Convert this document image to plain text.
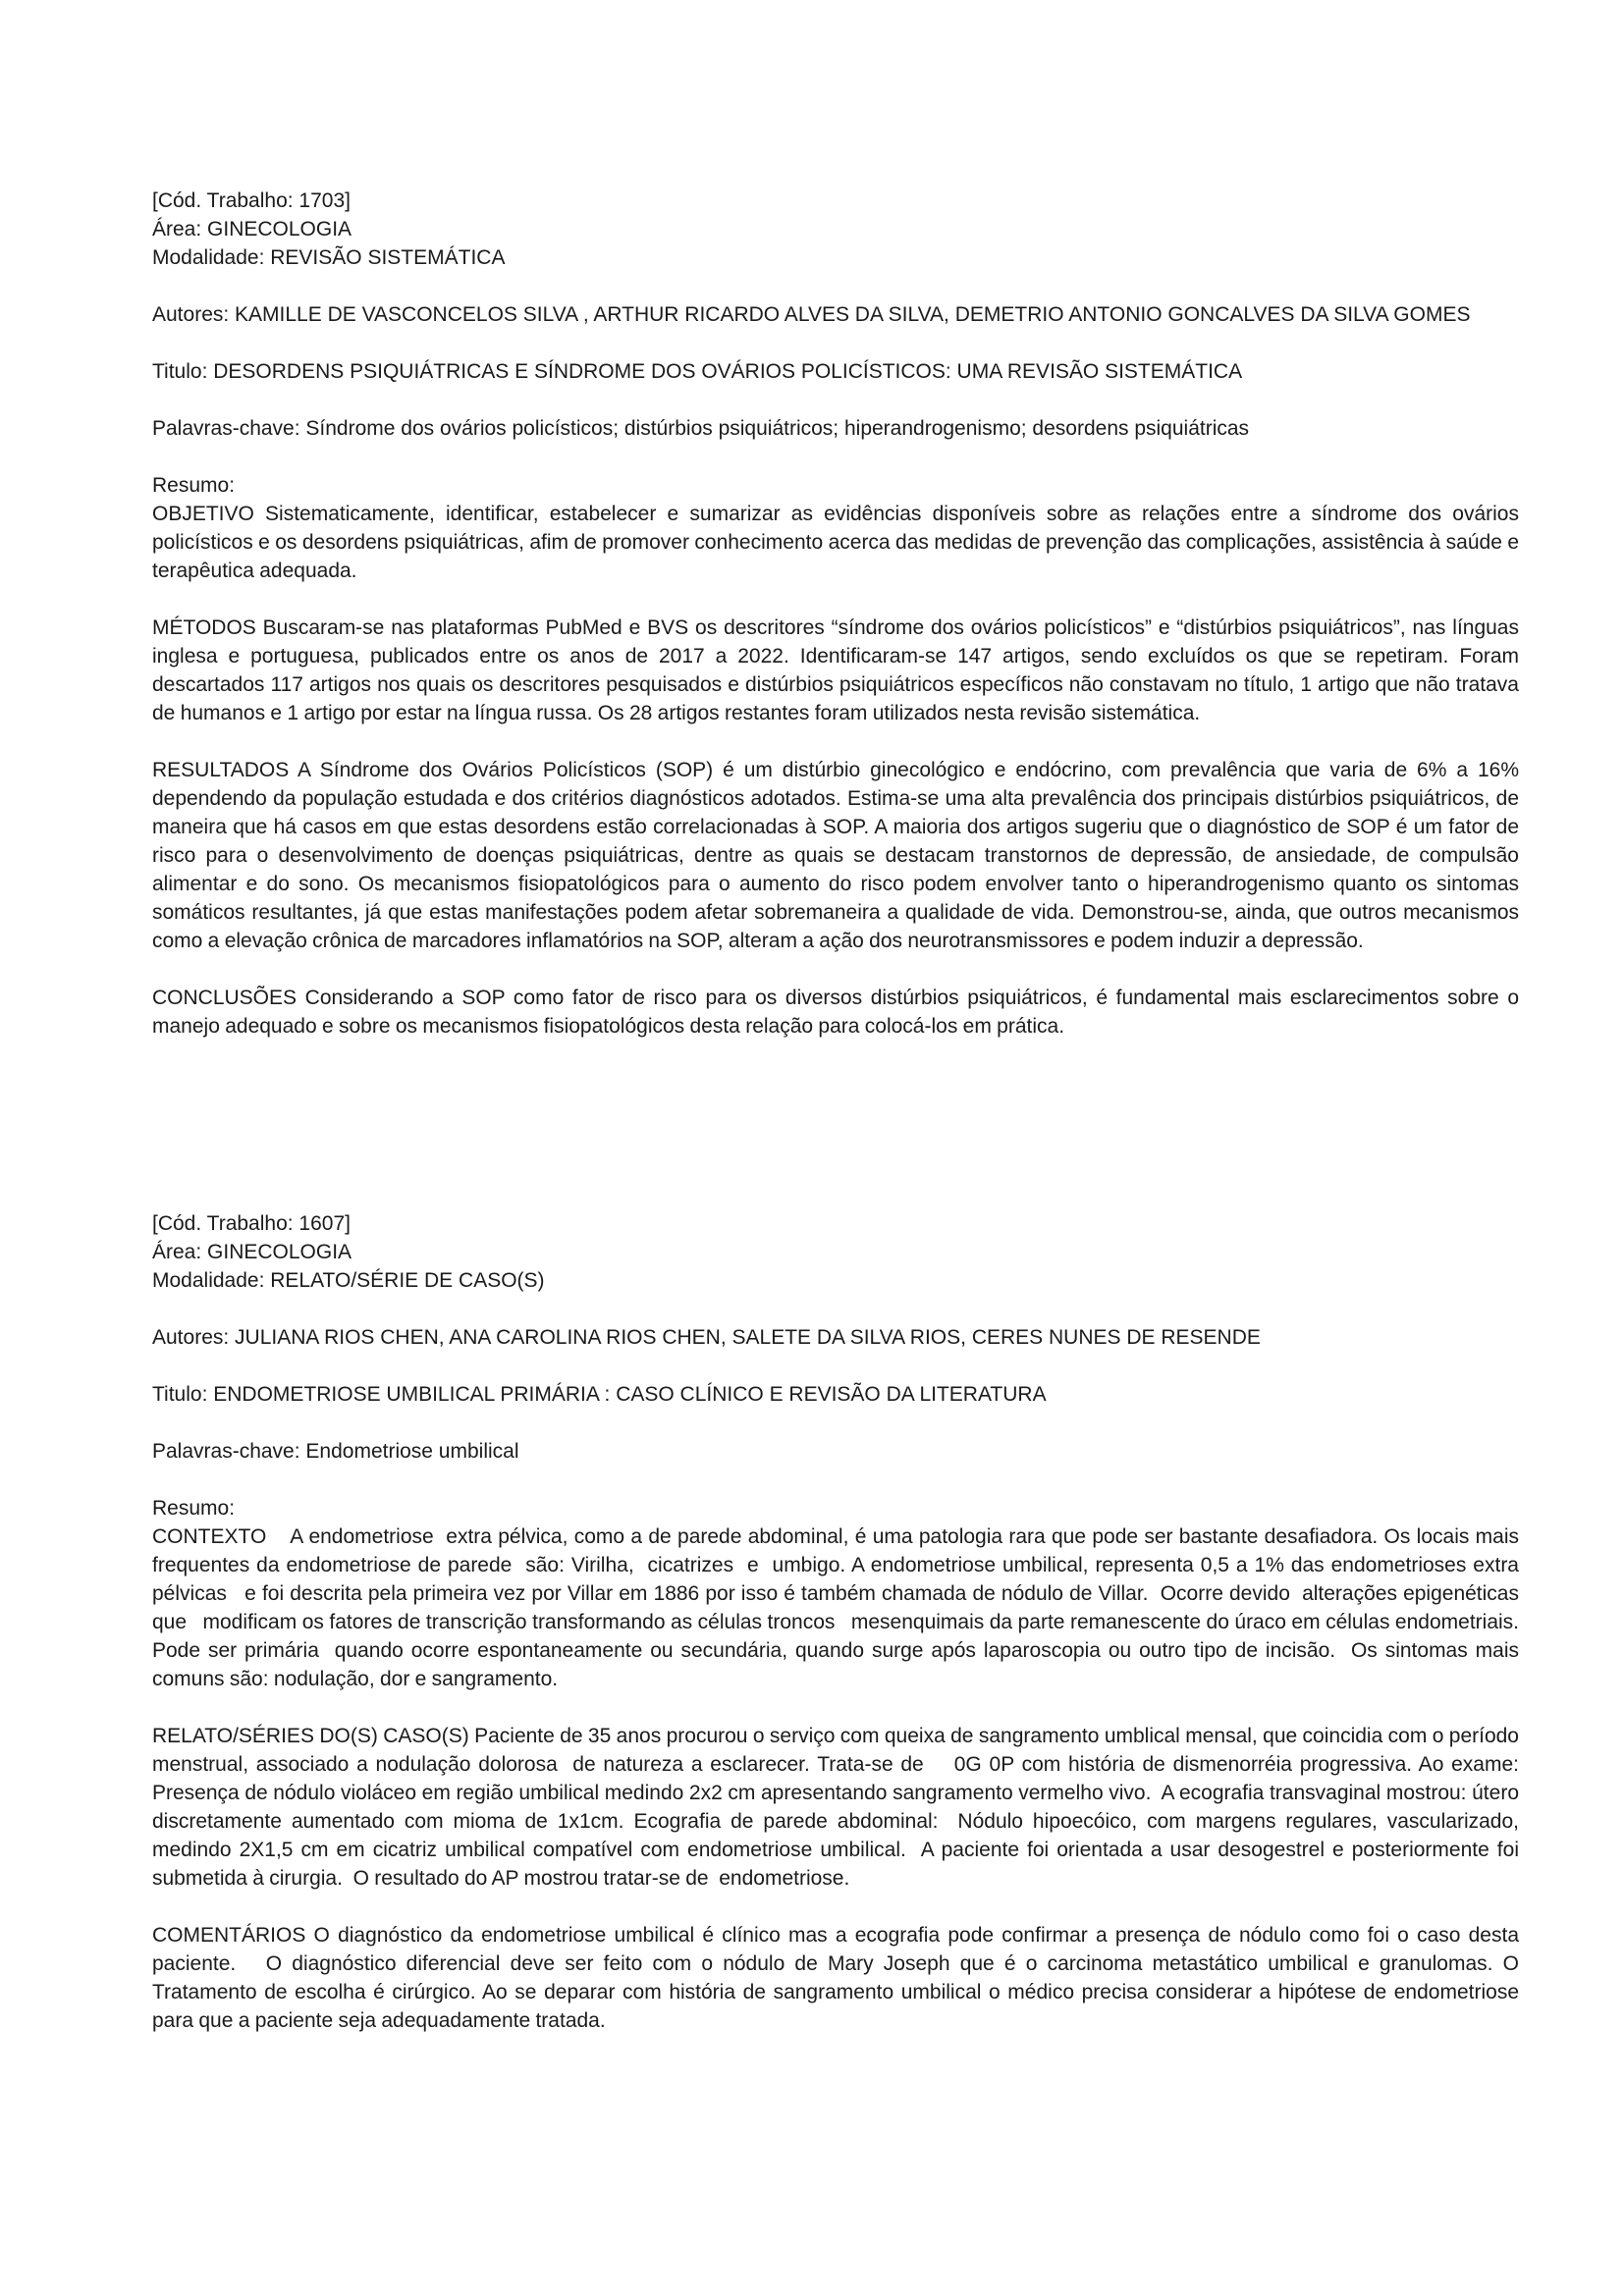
[Cód. Trabalho: 1703]

Área: GINECOLOGIA

Modalidade: REVISÃO SISTEMÁTICA

Autores: KAMILLE DE VASCONCELOS SILVA , ARTHUR RICARDO ALVES DA SILVA, DEMETRIO ANTONIO GONCALVES DA SILVA GOMES

Titulo: DESORDENS PSIQUIÁTRICAS E SÍNDROME DOS OVÁRIOS POLICÍSTICOS: UMA REVISÃO SISTEMÁTICA

Palavras-chave: Síndrome dos ovários policísticos; distúrbios psiquiátricos; hiperandrogenismo; desordens psiquiátricas

Resumo:

OBJETIVO Sistematicamente, identificar, estabelecer e sumarizar as evidências disponíveis sobre as relações entre a síndrome dos ovários policísticos e os desordens psiquiátricas, afim de promover conhecimento acerca das medidas de prevenção das complicações, assistência à saúde e terapêutica adequada.

MÉTODOS Buscaram-se nas plataformas PubMed e BVS os descritores “síndrome dos ovários policísticos” e “distúrbios psiquiátricos”, nas línguas inglesa e portuguesa, publicados entre os anos de 2017 a 2022. Identificaram-se 147 artigos, sendo excluídos os que se repetiram. Foram descartados 117 artigos nos quais os descritores pesquisados e distúrbios psiquiátricos específicos não constavam no título, 1 artigo que não tratava de humanos e 1 artigo por estar na língua russa. Os 28 artigos restantes foram utilizados nesta revisão sistemática.

RESULTADOS A Síndrome dos Ovários Policísticos (SOP) é um distúrbio ginecológico e endócrino, com prevalência que varia de 6% a 16% dependendo da população estudada e dos critérios diagnósticos adotados. Estima-se uma alta prevalência dos principais distúrbios psiquiátricos, de maneira que há casos em que estas desordens estão correlacionadas à SOP. A maioria dos artigos sugeriu que o diagnóstico de SOP é um fator de risco para o desenvolvimento de doenças psiquiátricas, dentre as quais se destacam transtornos de depressão, de ansiedade, de compulsão alimentar e do sono. Os mecanismos fisiopatológicos para o aumento do risco podem envolver tanto o hiperandrogenismo quanto os sintomas somáticos resultantes, já que estas manifestações podem afetar sobremaneira a qualidade de vida. Demonstrou-se, ainda, que outros mecanismos como a elevação crônica de marcadores inflamatórios na SOP, alteram a ação dos neurotransmissores e podem induzir a depressão.

CONCLUSÕES Considerando a SOP como fator de risco para os diversos distúrbios psiquiátricos, é fundamental mais esclarecimentos sobre o manejo adequado e sobre os mecanismos fisiopatológicos desta relação para colocá-los em prática.

[Cód. Trabalho: 1607]

Área: GINECOLOGIA

Modalidade: RELATO/SÉRIE DE CASO(S)

Autores: JULIANA RIOS CHEN, ANA CAROLINA RIOS CHEN, SALETE DA SILVA RIOS, CERES NUNES DE RESENDE

Titulo: ENDOMETRIOSE UMBILICAL PRIMÁRIA : CASO CLÍNICO E REVISÃO DA LITERATURA

Palavras-chave: Endometriose umbilical

Resumo:

CONTEXTO    A endometriose  extra pélvica, como a de parede abdominal, é uma patologia rara que pode ser bastante desafiadora. Os locais mais frequentes da endometriose de parede  são: Virilha,  cicatrizes  e  umbigo. A endometriose umbilical, representa 0,5 a 1% das endometrioses extra pélvicas   e foi descrita pela primeira vez por Villar em 1886 por isso é também chamada de nódulo de Villar.  Ocorre devido  alterações epigenéticas que   modificam os fatores de transcrição transformando as células troncos   mesenquimais da parte remanescente do úraco em células endometriais. Pode ser primária  quando ocorre espontaneamente ou secundária, quando surge após laparoscopia ou outro tipo de incisão.  Os sintomas mais comuns são: nodulação, dor e sangramento.

RELATO/SÉRIES DO(S) CASO(S) Paciente de 35 anos procurou o serviço com queixa de sangramento umblical mensal, que coincidia com o período menstrual, associado a nodulação dolorosa  de natureza a esclarecer. Trata-se de    0G 0P com história de dismenorréia progressiva. Ao exame: Presença de nódulo violáceo em região umbilical medindo 2x2 cm apresentando sangramento vermelho vivo.  A ecografia transvaginal mostrou: útero discretamente aumentado com mioma de 1x1cm. Ecografia de parede abdominal:  Nódulo hipoecóico, com margens regulares, vascularizado, medindo 2X1,5 cm em cicatriz umbilical compatível com endometriose umbilical.  A paciente foi orientada a usar desogestrel e posteriormente foi submetida à cirurgia.  O resultado do AP mostrou tratar-se de  endometriose.

COMENTÁRIOS O diagnóstico da endometriose umbilical é clínico mas a ecografia pode confirmar a presença de nódulo como foi o caso desta paciente.   O diagnóstico diferencial deve ser feito com o nódulo de Mary Joseph que é o carcinoma metastático umbilical e granulomas. O Tratamento de escolha é cirúrgico. Ao se deparar com história de sangramento umbilical o médico precisa considerar a hipótese de endometriose para que a paciente seja adequadamente tratada.
